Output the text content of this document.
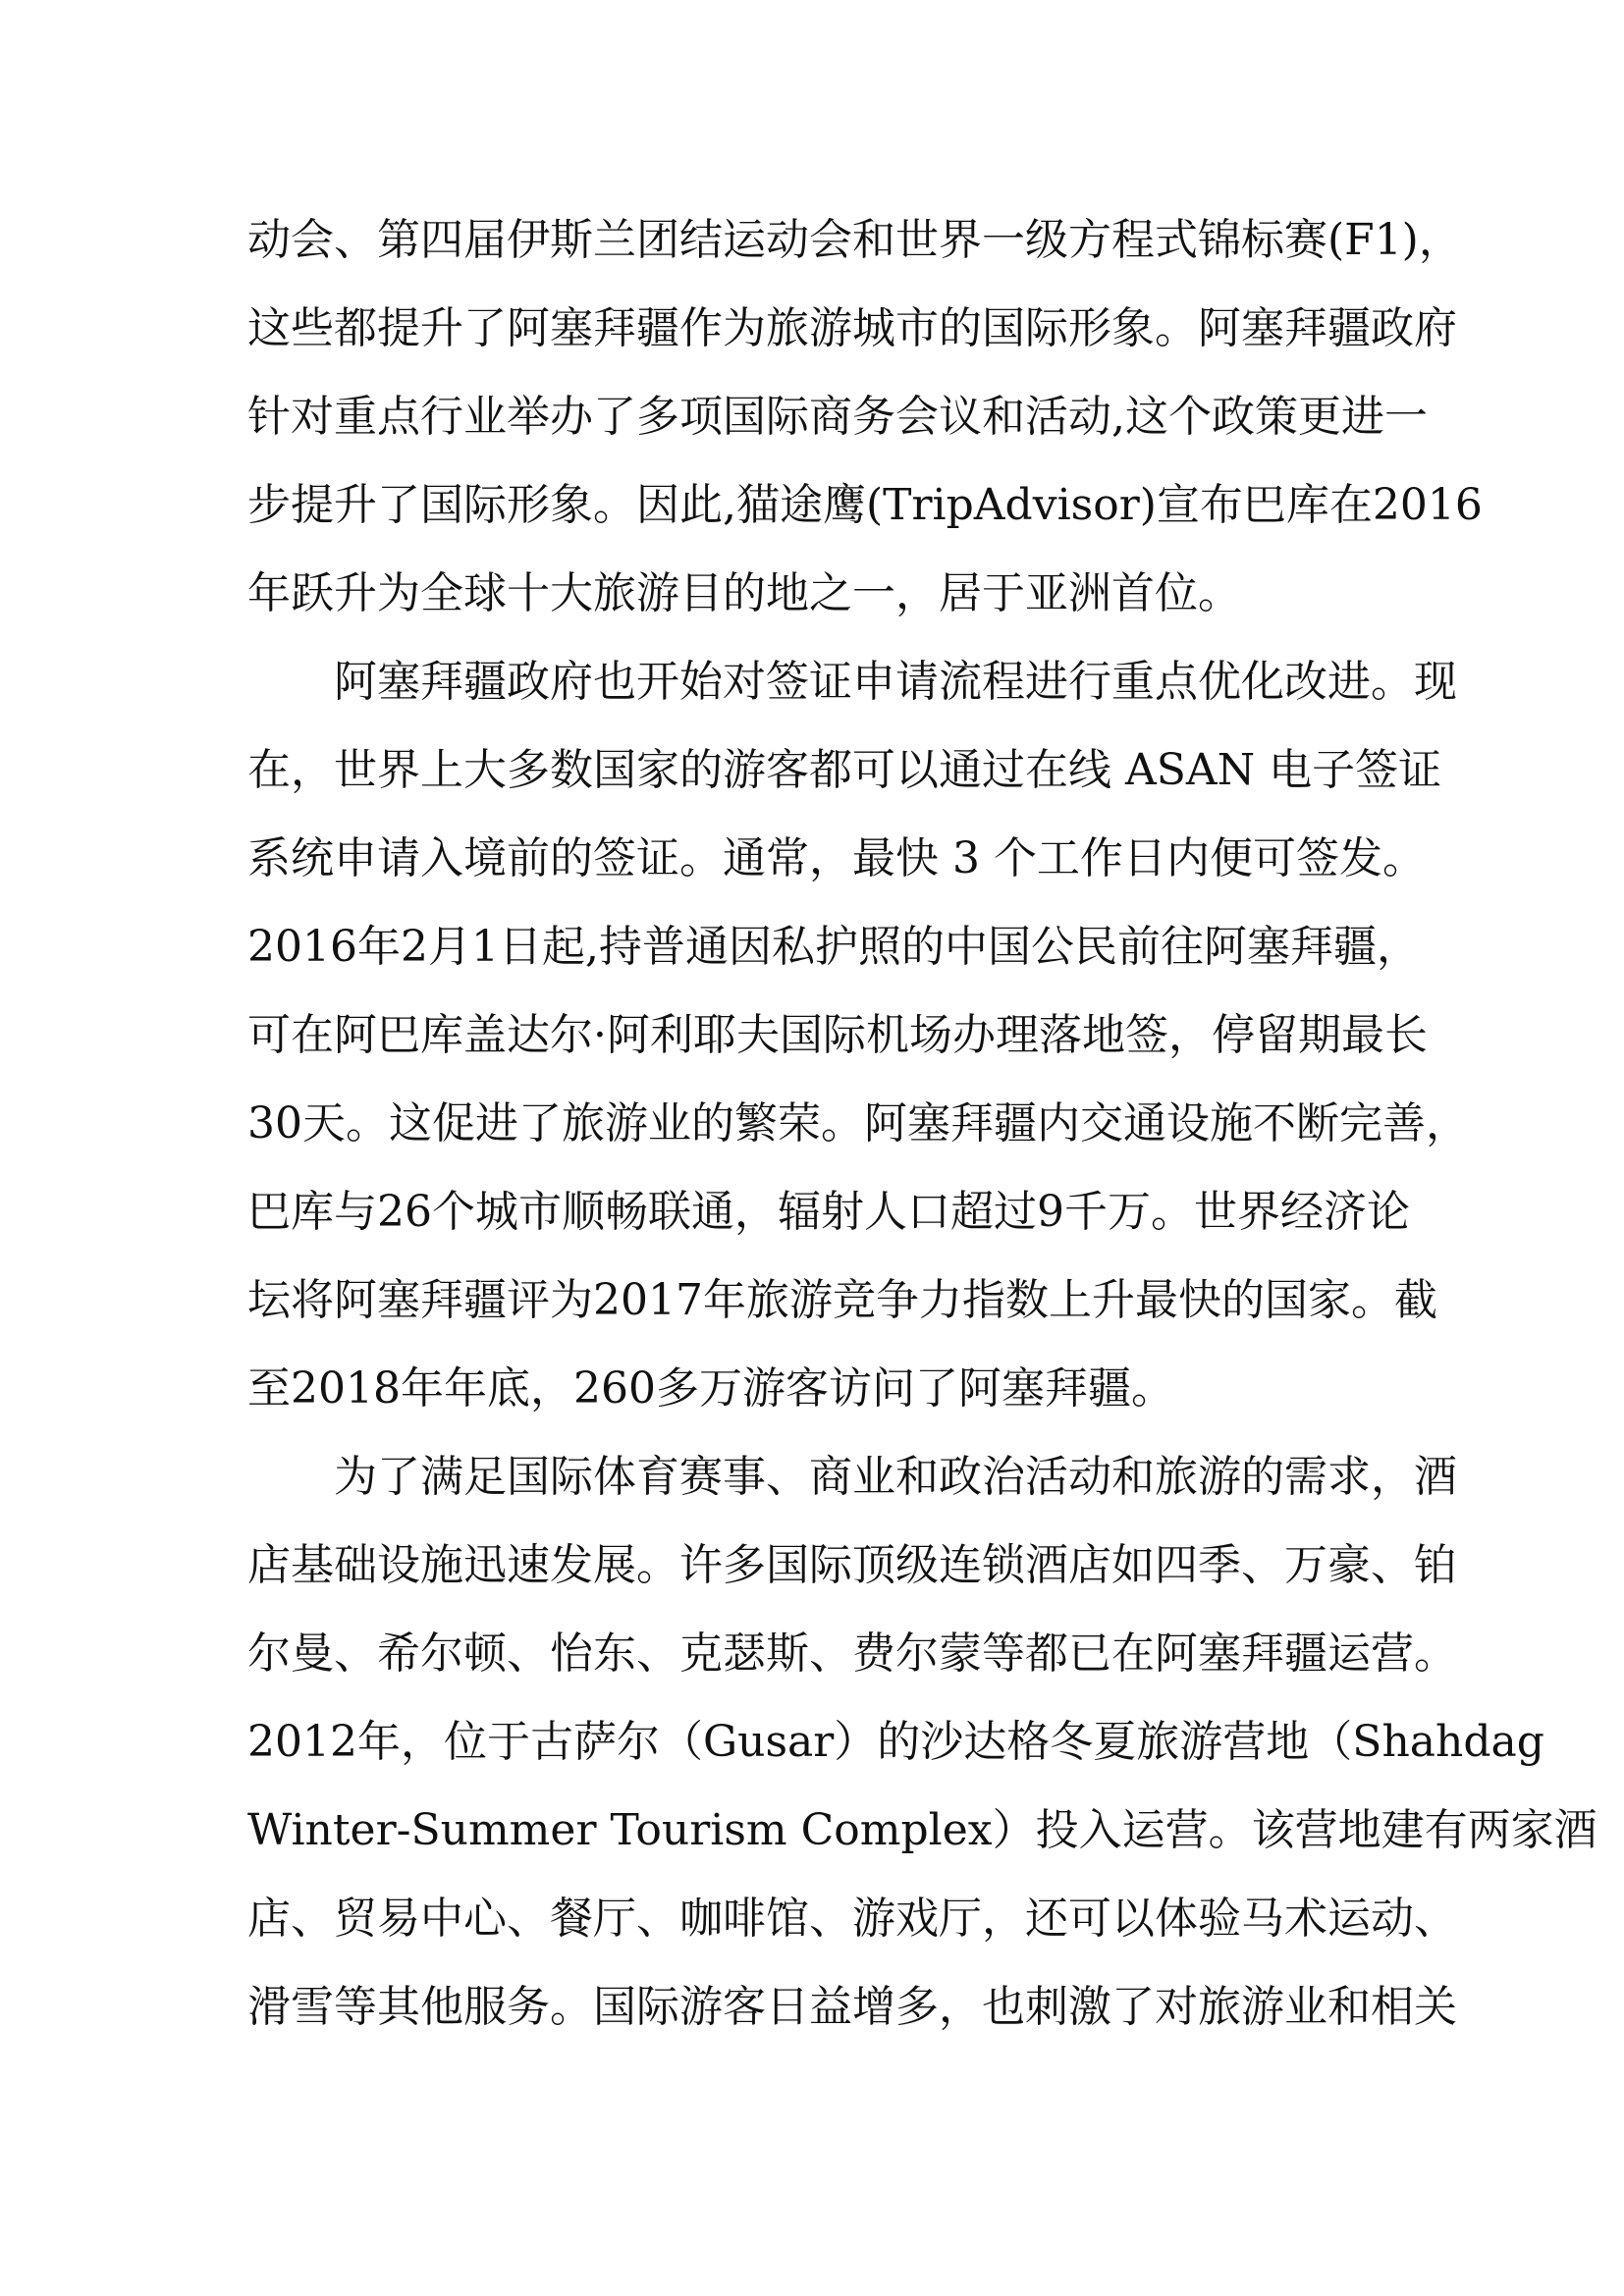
动会、第四届伊斯兰团结运动会和世界一级方程式锦标赛(F1)，
这些都提升了阿塞拜疆作为旅游城市的国际形象。阿塞拜疆政府
针对重点行业举办了多项国际商务会议和活动,这个政策更进一
步提升了国际形象。因此,猫途鹰(TripAdvisor)宣布巴库在2016
年跃升为全球十大旅游目的地之一，居于亚洲首位。
阿塞拜疆政府也开始对签证申请流程进行重点优化改进。现
在，世界上大多数国家的游客都可以通过在线 ASAN 电子签证
系统申请入境前的签证。通常，最快 3 个工作日内便可签发。
2016年2月1日起,持普通因私护照的中国公民前往阿塞拜疆，
可在阿巴库盖达尔·阿利耶夫国际机场办理落地签，停留期最长
30天。这促进了旅游业的繁荣。阿塞拜疆内交通设施不断完善，
巴库与26个城市顺畅联通，辐射人口超过9千万。世界经济论
坛将阿塞拜疆评为2017年旅游竞争力指数上升最快的国家。截
至2018年年底，260多万游客访问了阿塞拜疆。
为了满足国际体育赛事、商业和政治活动和旅游的需求，酒
店基础设施迅速发展。许多国际顶级连锁酒店如四季、万豪、铂
尔曼、希尔顿、怡东、克瑟斯、费尔蒙等都已在阿塞拜疆运营。
2012年，位于古萨尔（Gusar）的沙达格冬夏旅游营地（Shahdag
Winter-Summer Tourism Complex）投入运营。该营地建有两家酒
店、贸易中心、餐厅、咖啡馆、游戏厅，还可以体验马术运动、
滑雪等其他服务。国际游客日益增多，也刺激了对旅游业和相关
